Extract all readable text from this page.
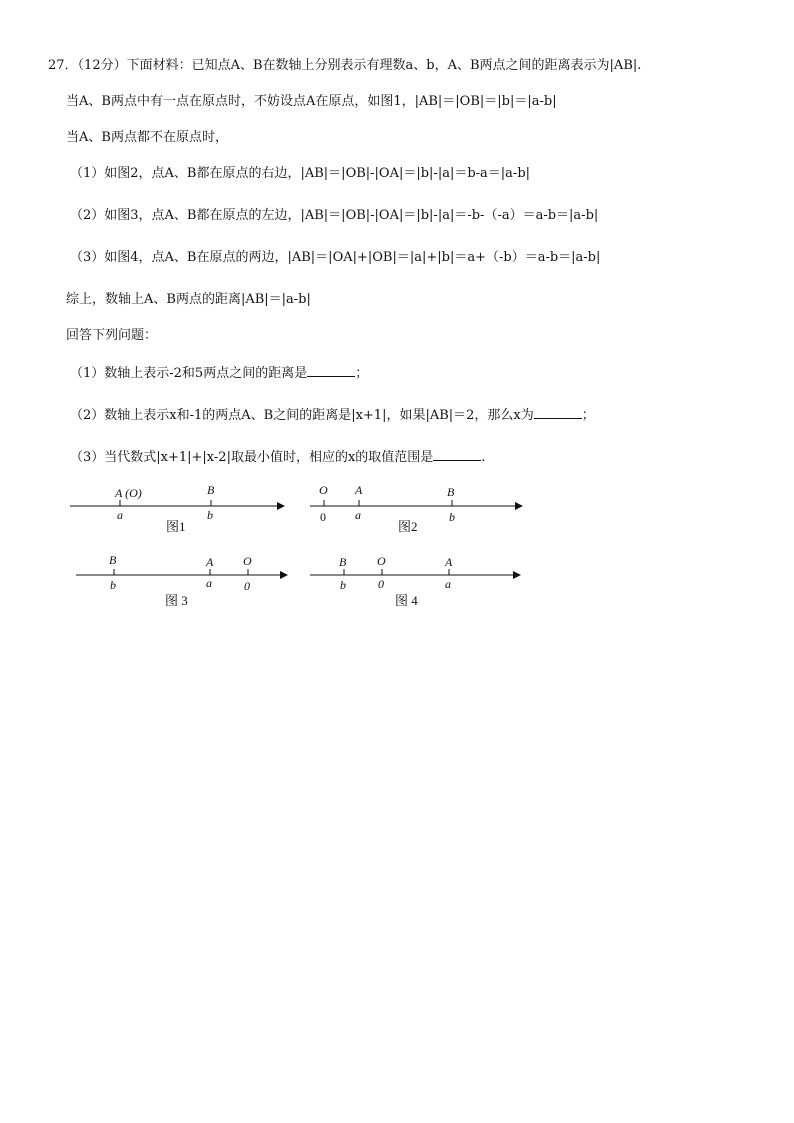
27．（12分）下面材料：已知点A、B在数轴上分别表示有理数a、b，A、B两点之间的距离表示为|AB|.
当A、B两点中有一点在原点时，不妨设点A在原点，如图1，|AB|＝|OB|＝|b|＝|a-b|
当A、B两点都不在原点时，
（1）如图2，点A、B都在原点的右边，|AB|＝|OB|-|OA|＝|b|-|a|＝b-a＝|a-b|
（2）如图3，点A、B都在原点的左边，|AB|＝|OB|-|OA|＝|b|-|a|＝-b-（-a）＝a-b＝|a-b|
（3）如图4，点A、B在原点的两边，|AB|＝|OA|+|OB|＝|a|+|b|＝a+（-b）＝a-b＝|a-b|
综上，数轴上A、B两点的距离|AB|＝|a-b|
回答下列问题：
（1）数轴上表示-2和5两点之间的距离是	；
（2）数轴上表示x和-1的两点A、B之间的距离是|x+1|，如果|AB|＝2，那么x为	；
（3）当代数式|x+1|+|x-2|取最小值时，相应的x的取值范围是	.
A (O)
a
B
b
图1
O
0
A
a
B
b
图2
B
b
A
a
O
0
图 3
B
b
O
0
A
a
图 4
